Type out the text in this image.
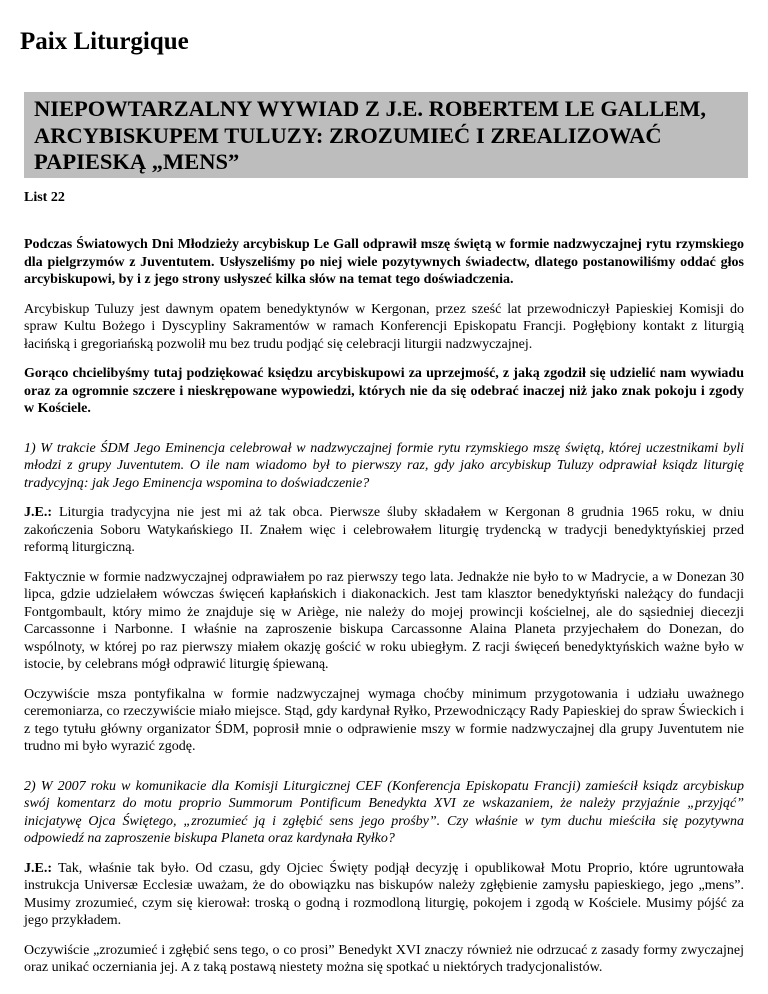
Paix Liturgique
NIEPOWTARZALNY WYWIAD Z J.E. ROBERTEM LE GALLEM, ARCYBISKUPEM TULUZY: ZROZUMIEĆ I ZREALIZOWAĆ PAPIESKĄ „MENS”
List 22

Podczas Światowych Dni Młodzieży arcybiskup Le Gall odprawił mszę świętą w formie nadzwyczajnej rytu rzymskiego dla pielgrzymów z Juventutem. Usłyszeliśmy po niej wiele pozytywnych świadectw, dlatego postanowiliśmy oddać głos arcybiskupowi, by i z jego strony usłyszeć kilka słów na temat tego doświadczenia.

Arcybiskup Tuluzy jest dawnym opatem benedyktynów w Kergonan, przez sześć lat przewodniczył Papieskiej Komisji do spraw Kultu Bożego i Dyscypliny Sakramentów w ramach Konferencji Episkopatu Francji. Pogłębiony kontakt z liturgią łacińską i gregoriańską pozwolił mu bez trudu podjąć się celebracji liturgii nadzwyczajnej.

Gorąco chcielibyśmy tutaj podziękować księdzu arcybiskupowi za uprzejmość, z jaką zgodził się udzielić nam wywiadu oraz za ogromnie szczere i nieskrępowane wypowiedzi, których nie da się odebrać inaczej niż jako znak pokoju i zgody w Kościele.

1) W trakcie ŚDM Jego Eminencja celebrował w nadzwyczajnej formie rytu rzymskiego mszę świętą, której uczestnikami byli młodzi z grupy Juventutem. O ile nam wiadomo był to pierwszy raz, gdy jako arcybiskup Tuluzy odprawiał ksiądz liturgię tradycyjną: jak Jego Eminencja wspomina to doświadczenie?

J.E.: Liturgia tradycyjna nie jest mi aż tak obca. Pierwsze śluby składałem w Kergonan 8 grudnia 1965 roku, w dniu zakończenia Soboru Watykańskiego II. Znałem więc i celebrowałem liturgię trydencką w tradycji benedyktyńskiej przed reformą liturgiczną.

Faktycznie w formie nadzwyczajnej odprawiałem po raz pierwszy tego lata. Jednakże nie było to w Madrycie, a w Donezan 30 lipca, gdzie udzielałem wówczas święceń kapłańskich i diakonackich. Jest tam klasztor benedyktyński należący do fundacji Fontgombault, który mimo że znajduje się w Ariège, nie należy do mojej prowincji kościelnej, ale do sąsiedniej diecezji Carcassonne i Narbonne. I właśnie na zaproszenie biskupa Carcassonne Alaina Planeta przyjechałem do Donezan, do wspólnoty, w której po raz pierwszy miałem okazję gościć w roku ubiegłym. Z racji święceń benedyktyńskich ważne było w istocie, by celebrans mógł odprawić liturgię śpiewaną.

Oczywiście msza pontyfikalna w formie nadzwyczajnej wymaga choćby minimum przygotowania i udziału uważnego ceremoniarza, co rzeczywiście miało miejsce. Stąd, gdy kardynał Ryłko, Przewodniczący Rady Papieskiej do spraw Świeckich i z tego tytułu główny organizator ŚDM, poprosił mnie o odprawienie mszy w formie nadzwyczajnej dla grupy Juventutem nie trudno mi było wyrazić zgodę.

2) W 2007 roku w komunikacie dla Komisji Liturgicznej CEF (Konferencja Episkopatu Francji) zamieścił ksiądz arcybiskup swój komentarz do motu proprio Summorum Pontificum Benedykta XVI ze wskazaniem, że należy przyjaźnie „przyjąć” inicjatywę Ojca Świętego, „zrozumieć ją i zgłębić sens jego prośby”. Czy właśnie w tym duchu mieściła się pozytywna odpowiedź na zaproszenie biskupa Planeta oraz kardynała Ryłko?

J.E.: Tak, właśnie tak było. Od czasu, gdy Ojciec Święty podjął decyzję i opublikował Motu Proprio, które ugruntowała instrukcja Universæ Ecclesiæ uważam, że do obowiązku nas biskupów należy zgłębienie zamysłu papieskiego, jego „mens”. Musimy zrozumieć, czym się kierował: troską o godną i rozmodloną liturgię, pokojem i zgodą w Kościele. Musimy pójść za jego przykładem.

Oczywiście „zrozumieć i zgłębić sens tego, o co prosi” Benedykt XVI znaczy również nie odrzucać z zasady formy zwyczajnej oraz unikać oczerniania jej. A z taką postawą niestety można się spotkać u niektórych tradycjonalistów.
